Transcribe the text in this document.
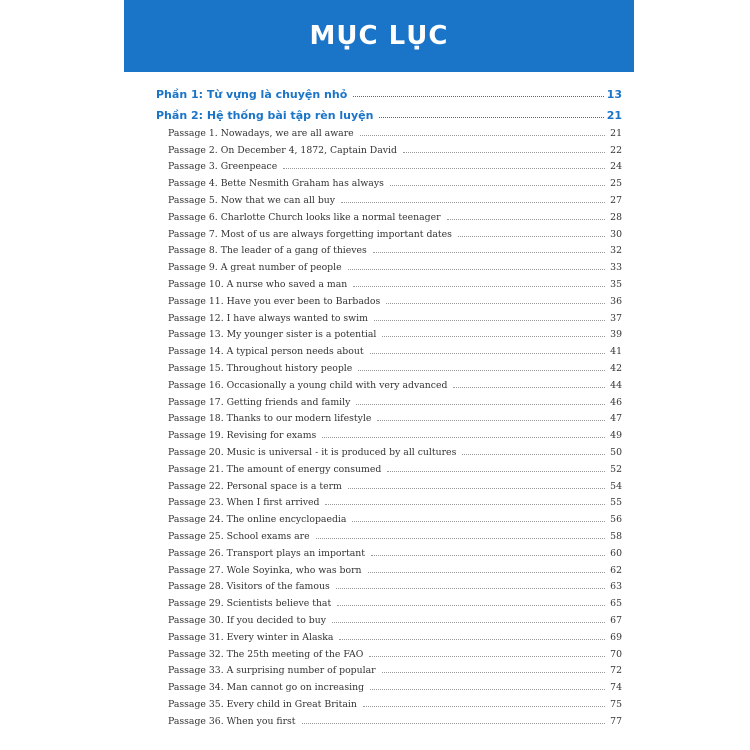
MỤC LỤC
Phần 1: Từ vựng là chuyện nhỏ	13
Phần 2: Hệ thống bài tập rèn luyện	21
Passage 1. Nowadays, we are all aware	21
Passage 2. On December 4, 1872, Captain David	22
Passage 3. Greenpeace	24
Passage 4. Bette Nesmith Graham has always	25
Passage 5. Now that we can all buy	27
Passage 6. Charlotte Church looks like a normal teenager	28
Passage 7. Most of us are always forgetting important dates	30
Passage 8. The leader of a gang of thieves	32
Passage 9. A great number of people	33
Passage 10. A nurse who saved a man	35
Passage 11. Have you ever been to Barbados	36
Passage 12. I have always wanted to swim	37
Passage 13. My younger sister is a potential	39
Passage 14. A typical person needs about	41
Passage 15. Throughout history people	42
Passage 16. Occasionally a young child with very advanced	44
Passage 17. Getting friends and family	46
Passage 18. Thanks to our modern lifestyle	47
Passage 19. Revising for exams	49
Passage 20. Music is universal - it is produced by all cultures	50
Passage 21. The amount of energy consumed	52
Passage 22. Personal space is a term	54
Passage 23. When I first arrived	55
Passage 24. The online encyclopaedia	56
Passage 25. School exams are	58
Passage 26. Transport plays an important	60
Passage 27. Wole Soyinka, who was born	62
Passage 28. Visitors of the famous	63
Passage 29. Scientists believe that	65
Passage 30. If you decided to buy	67
Passage 31. Every winter in Alaska	69
Passage 32. The 25th meeting of the FAO	70
Passage 33. A surprising number of popular	72
Passage 34. Man cannot go on increasing	74
Passage 35. Every child in Great Britain	75
Passage 36. When you first	77
